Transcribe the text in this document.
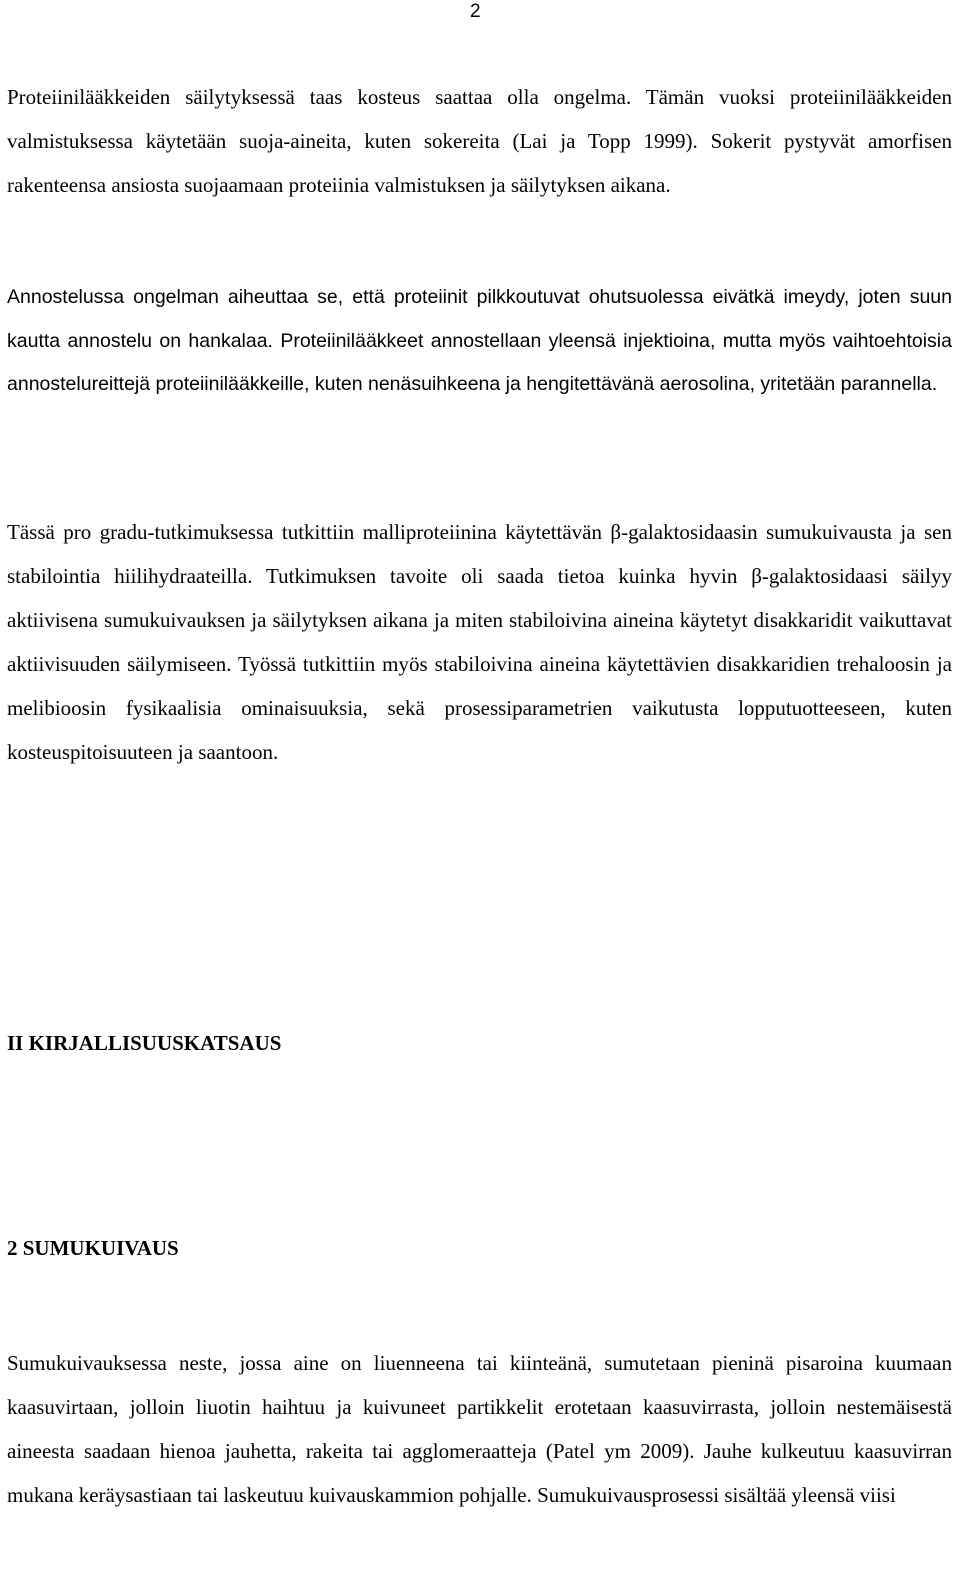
2

Proteiinilääkkeiden säilytyksessä taas kosteus saattaa olla ongelma. Tämän vuoksi proteiinilääkkeiden valmistuksessa käytetään suoja-aineita, kuten sokereita (Lai ja Topp 1999). Sokerit pystyvät amorfisen rakenteensa ansiosta suojaamaan proteiinia valmistuksen ja säilytyksen aikana.

Annostelussa ongelman aiheuttaa se, että proteiinit pilkkoutuvat ohutsuolessa eivätkä imeydy, joten suun kautta annostelu on hankalaa. Proteiinilääkkeet annostellaan yleensä injektioina, mutta myös vaihtoehtoisia annostelureittejä proteiinilääkkeille, kuten nenäsuihkeena ja hengitettävänä aerosolina, yritetään parannella.

Tässä pro gradu-tutkimuksessa tutkittiin malliproteiinina käytettävän β-galaktosidaasin sumukuivausta ja sen stabilointia hiilihydraateilla. Tutkimuksen tavoite oli saada tietoa kuinka hyvin β-galaktosidaasi säilyy aktiivisena sumukuivauksen ja säilytyksen aikana ja miten stabiloivina aineina käytetyt disakkaridit vaikuttavat aktiivisuuden säilymiseen. Työssä tutkittiin myös stabiloivina aineina käytettävien disakkaridien trehaloosin ja melibioosin fysikaalisia ominaisuuksia, sekä prosessiparametrien vaikutusta lopputuotteeseen, kuten kosteuspitoisuuteen ja saantoon.

II KIRJALLISUUSKATSAUS
2 SUMUKUIVAUS

Sumukuivauksessa neste, jossa aine on liuenneena tai kiinteänä, sumutetaan pieninä pisaroina kuumaan kaasuvirtaan, jolloin liuotin haihtuu ja kuivuneet partikkelit erotetaan kaasuvirrasta, jolloin nestemäisestä aineesta saadaan hienoa jauhetta, rakeita tai agglomeraatteja (Patel ym 2009). Jauhe kulkeutuu kaasuvirran mukana keräysastiaan tai laskeutuu kuivauskammion pohjalle. Sumukuivausprosessi sisältää yleensä viisi
